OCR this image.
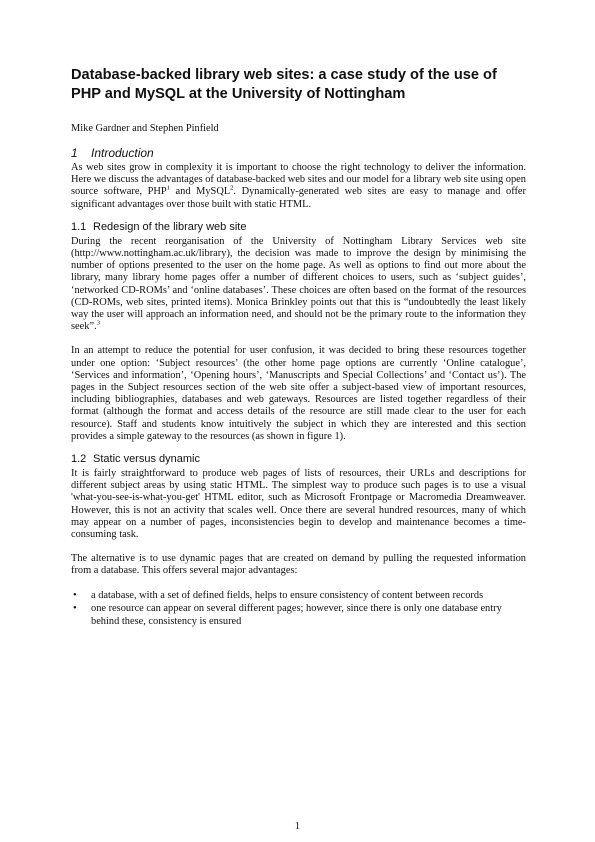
Database-backed library web sites: a case study of the use of PHP and MySQL at the University of Nottingham

Mike Gardner and Stephen Pinfield

1	Introduction

As web sites grow in complexity it is important to choose the right technology to deliver the information. Here we discuss the advantages of database-backed web sites and our model for a library web site using open source software, PHP$^1$ and MySQL$^2$. Dynamically-generated web sites are easy to manage and offer significant advantages over those built with static HTML.

1.1 Redesign of the library web site

During the recent reorganisation of the University of Nottingham Library Services web site (http://www.nottingham.ac.uk/library), the decision was made to improve the design by minimising the number of options presented to the user on the home page. As well as options to find out more about the library, many library home pages offer a number of different choices to users, such as ‘subject guides’, ‘networked CD-ROMs’ and ‘online databases’. These choices are often based on the format of the resources (CD-ROMs, web sites, printed items). Monica Brinkley points out that this is “undoubtedly the least likely way the user will approach an information need, and should not be the primary route to the information they seek”.$^3$

In an attempt to reduce the potential for user confusion, it was decided to bring these resources together under one option: ‘Subject resources’ (the other home page options are currently ‘Online catalogue’, ‘Services and information’, ‘Opening hours’, ‘Manuscripts and Special Collections’ and ‘Contact us’). The pages in the Subject resources section of the web site offer a subject-based view of important resources, including bibliographies, databases and web gateways. Resources are listed together regardless of their format (although the format and access details of the resource are still made clear to the user for each resource). Staff and students know intuitively the subject in which they are interested and this section provides a simple gateway to the resources (as shown in figure 1).

1.2 Static versus dynamic

It is fairly straightforward to produce web pages of lists of resources, their URLs and descriptions for different subject areas by using static HTML. The simplest way to produce such pages is to use a visual 'what-you-see-is-what-you-get' HTML editor, such as Microsoft Frontpage or Macromedia Dreamweaver. However, this is not an activity that scales well. Once there are several hundred resources, many of which may appear on a number of pages, inconsistencies begin to develop and maintenance becomes a time-consuming task.

The alternative is to use dynamic pages that are created on demand by pulling the requested information from a database. This offers several major advantages:

• a database, with a set of defined fields, helps to ensure consistency of content between records
• one resource can appear on several different pages; however, since there is only one database entry behind these, consistency is ensured
1
